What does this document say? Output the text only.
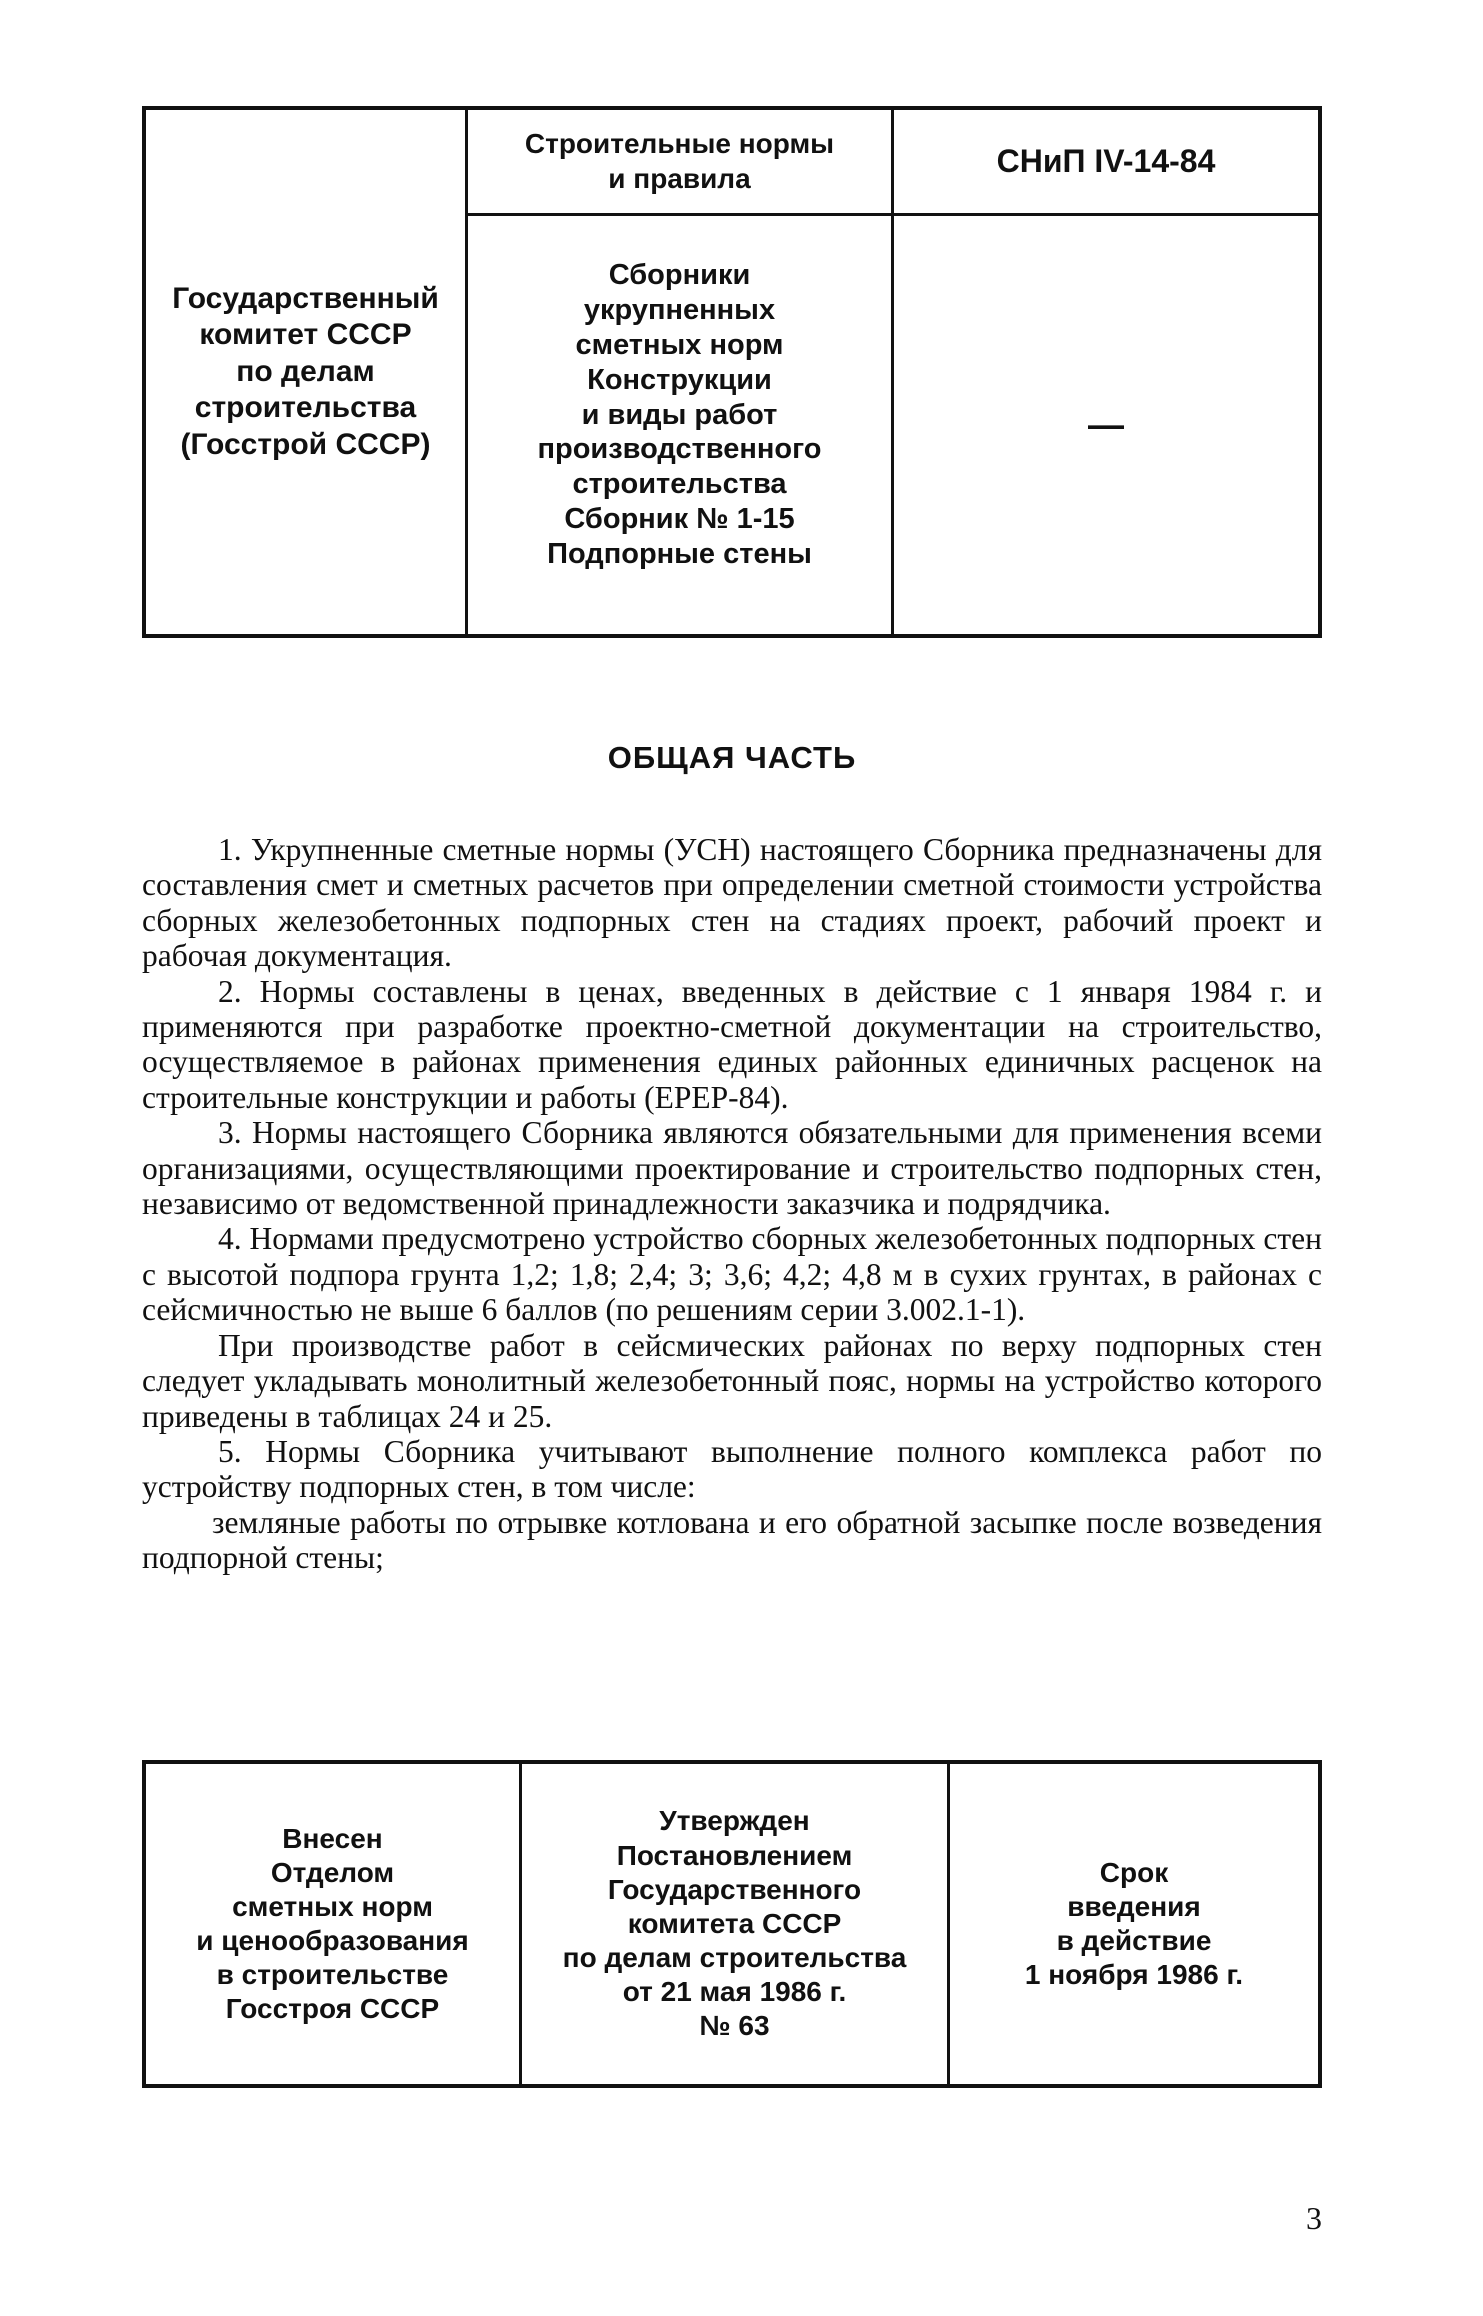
Государственный
комитет СССР
по делам
строительства
(Госстрой СССР)
Строительные нормы
и правила	СНиП IV-14-84
Сборники
укрупненных
сметных норм
Конструкции
и виды работ
производственного
строительства
Сборник № 1-15
Подпорные стены
—
ОБЩАЯ ЧАСТЬ

1. Укрупненные сметные нормы (УСН) настоящего Сборника предназначены для составления смет и сметных расчетов при определении сметной стоимости устройства сборных железобетонных подпорных стен на стадиях проект, рабочий проект и рабочая документация.

2. Нормы составлены в ценах, введенных в действие с 1 января 1984 г. и применяются при разработке проектно-сметной документации на строительство, осуществляемое в районах применения единых районных единичных расценок на строительные конструкции и работы (ЕРЕР-84).

3. Нормы настоящего Сборника являются обязательными для применения всеми организациями, осуществляющими проектирование и строительство подпорных стен, независимо от ведомственной принадлежности заказчика и подрядчика.

4. Нормами предусмотрено устройство сборных железобетонных подпорных стен с высотой подпора грунта 1,2; 1,8; 2,4; 3; 3,6; 4,2; 4,8 м в сухих грунтах, в районах с сейсмичностью не выше 6 баллов (по решениям серии 3.002.1-1).

При производстве работ в сейсмических районах по верху подпорных стен следует укладывать монолитный железобетонный пояс, нормы на устройство которого приведены в таблицах 24 и 25.

5. Нормы Сборника учитывают выполнение полного комплекса работ по устройству подпорных стен, в том числе:

земляные работы по отрывке котлована и его обратной засыпке после возведения подпорной стены;

Внесен
Отделом
сметных норм
и ценообразования
в строительстве
Госстроя СССР
Утвержден
Постановлением
Государственного
комитета СССР
по делам строительства
от 21 мая 1986 г.
№ 63
Срок
введения
в действие
1 ноября 1986 г.
3
